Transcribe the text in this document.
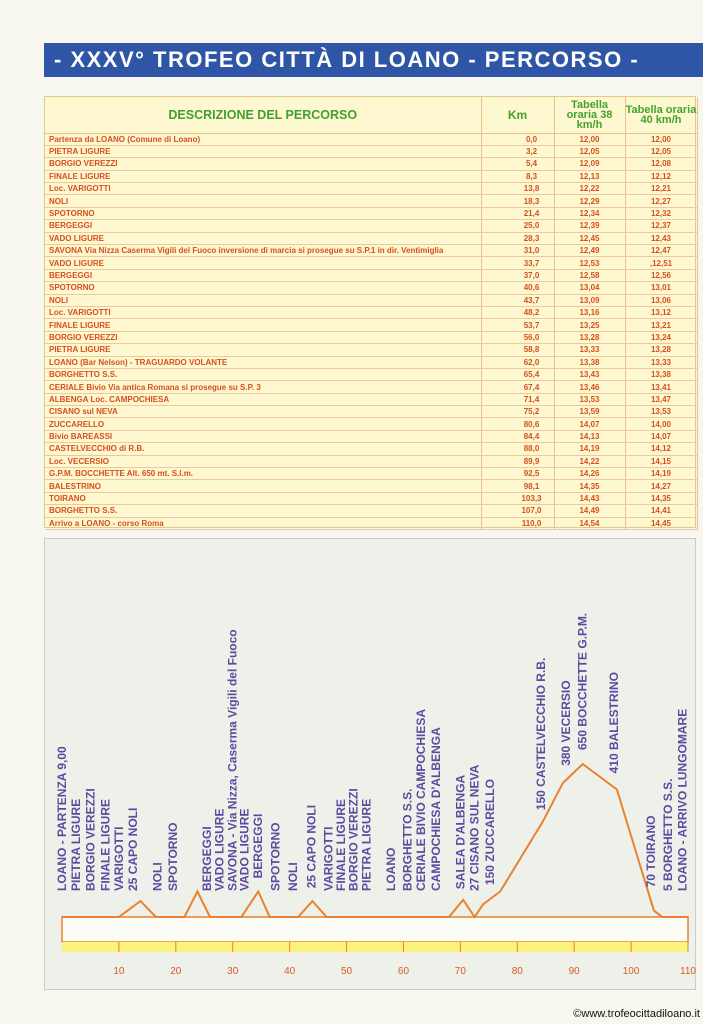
- XXXV° TROFEO CITTÀ DI LOANO - PERCORSO -
DESCRIZIONE DEL PERCORSO	Km	Tabella oraria 38 km/h	Tabella oraria 40 km/h
Partenza da LOANO (Comune di Loano)	0,0	12,00	12,00
PIETRA LIGURE	3,2	12,05	12,05
BORGIO VEREZZI	5,4	12,09	12,08
FINALE LIGURE	8,3	12,13	12,12
Loc. VARIGOTTI	13,8	12,22	12,21
NOLI	18,3	12,29	12,27
SPOTORNO	21,4	12,34	12,32
BERGEGGI	25,0	12,39	12,37
VADO LIGURE	28,3	12,45	12,43
SAVONA Via Nizza Caserma Vigili del Fuoco inversione di marcia si prosegue su S.P.1 in dir. Ventimiglia	31,0	12,49	12,47
VADO LIGURE	33,7	12,53	,12,51
BERGEGGI	37,0	12,58	12,56
SPOTORNO	40,6	13,04	13,01
NOLI	43,7	13,09	13,06
Loc. VARIGOTTI	48,2	13,16	13,12
FINALE LIGURE	53,7	13,25	13,21
BORGIO VEREZZI	56,0	13,28	13,24
PIETRA LIGURE	58,8	13,33	13,28
LOANO (Bar Nelson) - TRAGUARDO VOLANTE	62,0	13,38	13,33
BORGHETTO S.S.	65,4	13,43	13,38
CERIALE Bivio Via antica Romana si prosegue su S.P. 3	67,4	13,46	13,41
ALBENGA Loc. CAMPOCHIESA	71,4	13,53	13,47
CISANO sul NEVA	75,2	13,59	13,53
ZUCCARELLO	80,6	14,07	14,00
Bivio BAREASSI	84,4	14,13	14,07
CASTELVECCHIO di R.B.	88,0	14,19	14,12
Loc. VECERSIO	89,9	14,22	14,15
G.P.M. BOCCHETTE Alt. 650 mt. S.l.m.	92,5	14,26	14,19
BALESTRINO	98,1	14,35	14,27
TOIRANO	103,3	14,43	14,35
BORGHETTO S.S.	107,0	14,49	14,41
Arrivo a LOANO - corso Roma	110,0	14,54	14,45
10	20	30	40	50	60	70	80	90	100	110
LOANO - PARTENZA 9,00 PIETRA LIGURE BORGIO VEREZZI FINALE LIGURE VARIGOTTI 25 CAPO NOLI NOLI SPOTORNO BERGEGGI
VADO LIGURE SAVONA - Via Nizza, Caserma Vigili del Fuoco
VADO LIGURE BERGEGGI SPOTORNO NOLI 25 CAPO NOLI VARIGOTTI
FINALE LIGURE
BORGIO VEREZZI PIETRA LIGURE LOANO BORGHETTO S.S. CERIALE BIVIO CAMPOCHIESA CAMPOCHIESA D'ALBENGA SALEA D'ALBENGA 27 CISANO SUL NEVA 150 ZUCCARELLO
150 CASTELVECCHIO R.B. 380 VECERSIO 650 BOCCHETTE G.P.M. 410 BALESTRINO
70 TOIRANO 5 BORGHETTO S.S. LOANO - ARRIVO LUNGOMARE
©www.trofeocittadiloano.it
